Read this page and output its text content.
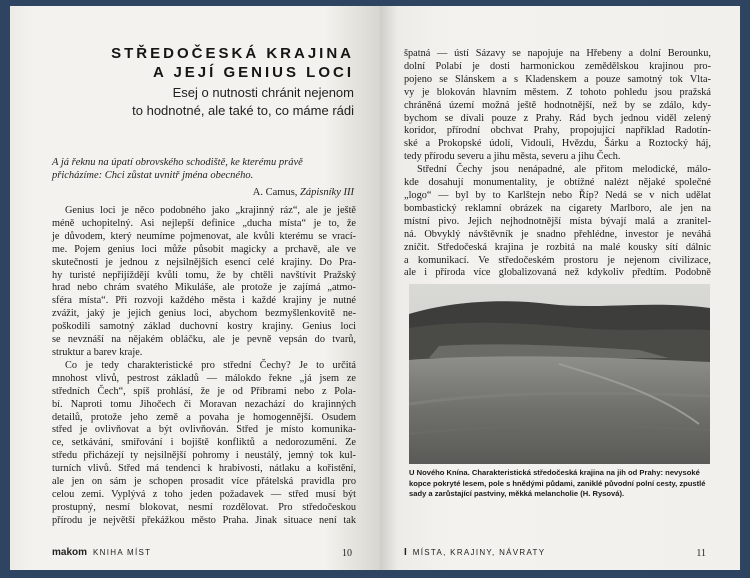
STŘEDOČESKÁ KRAJINA
A JEJÍ GENIUS LOCI
Esej o nutnosti chránit nejenom
to hodnotné, ale také to, co máme rádi
A já řeknu na úpatí obrovského schodiště, ke kterému právě přicházíme: Chci zůstat uvnitř jména obecného.
A. Camus, Zápisníky III
Genius loci je něco podobného jako „krajinný ráz“, ale je ještě
méně uchopitelný. Asi nejlepší definice „ducha místa“ je to, že
je důvodem, který neumíme pojmenovat, ale kvůli kterému se vrací-
me. Pojem genius loci může působit magicky a prchavě, ale ve
skutečnosti je jednou z nejsilnějších esencí celé krajiny. Do Pra-
hy turisté nepřijíždějí kvůli tomu, že by chtěli navštívit Pražský
hrad nebo chrám svatého Mikuláše, ale protože je zajímá „atmo-
sféra místa“. Při rozvoji každého města i každé krajiny je nutné
zvážit, jaký je jejich genius loci, abychom bezmyšlenkovitě ne-
poškodili samotný základ duchovní kostry krajiny. Genius loci
se nevznáší na nějakém obláčku, ale je pevně vepsán do tvarů,
struktur a barev kraje.
Co je tedy charakteristické pro střední Čechy? Je to určitá
mnohost vlivů, pestrost základů — málokdo řekne „já jsem ze
středních Čech“, spíš prohlásí, že je od Příbrami nebo z Pola-
bí. Naproti tomu Jihočech či Moravan nezachází do krajinných
detailů, protože jeho země a povaha je homogennější. Osudem
střed je ovlivňovat a být ovlivňován. Střed je místo komunika-
ce, setkávání, smiřování i bojiště konfliktů a nedorozumění. Ze
středu přicházejí ty nejsilnější pohromy i neustálý, jemný tok kul-
turních vlivů. Střed má tendenci k hrabivosti, nátlaku a kořistění,
ale jen on sám je schopen prosadit více přátelská pravidla pro
celou zemi. Vyplývá z toho jeden požadavek — střed musí být
prostupný, nesmí blokovat, nesmí rozdělovat. Pro středočeskou
přírodu je největší překážkou město Praha. Jinak situace není tak
makom KNIHA MÍST	10
špatná — ústí Sázavy se napojuje na Hřebeny a dolní Berounku,
dolní Polabí je dosti harmonickou zemědělskou krajinou pro-
pojeno se Slánskem a s Kladenskem a pouze samotný tok Vlta-
vy je blokován hlavním městem. Z tohoto pohledu jsou pražská
chráněná území možná ještě hodnotnější, než by se zdálo, kdy-
bychom se dívali pouze z Prahy. Rád bych jednou viděl zelený
koridor, přírodní obchvat Prahy, propojující například Radotín-
ské a Prokopské údolí, Vidouli, Hvězdu, Šárku a Roztocký háj,
tedy přírodu severu a jihu města, severu a jihu Čech.
Střední Čechy jsou nenápadné, ale přitom melodické, málo-
kde dosahují monumentality, je obtížné nalézt nějaké společné
„logo“ — byl by to Karlštejn nebo Říp? Nedá se v nich udělat
bombastický reklamní obrázek na cigarety Marlboro, ale jen na
místní pivo. Jejich nejhodnotnější místa bývají malá a zranitel-
ná. Obvyklý návštěvník je snadno přehlédne, investor je neváhá
zničit. Středočeská krajina je rozbitá na malé kousky sítí dálnic
a komunikací. Ve středočeském prostoru je nejenom civilizace,
ale i příroda více globalizovaná než kdykoliv předtím. Podobně
U Nového Knína. Charakteristická středočeská krajina na jih od Prahy: nevysoké kopce pokryté lesem, pole s hnědými půdami, zaniklé původní polní cesty, zpustlé sady a zarůstající pastviny, měkká melancholie (H. Rysová).
I MÍSTA, KRAJINY, NÁVRATY	11
